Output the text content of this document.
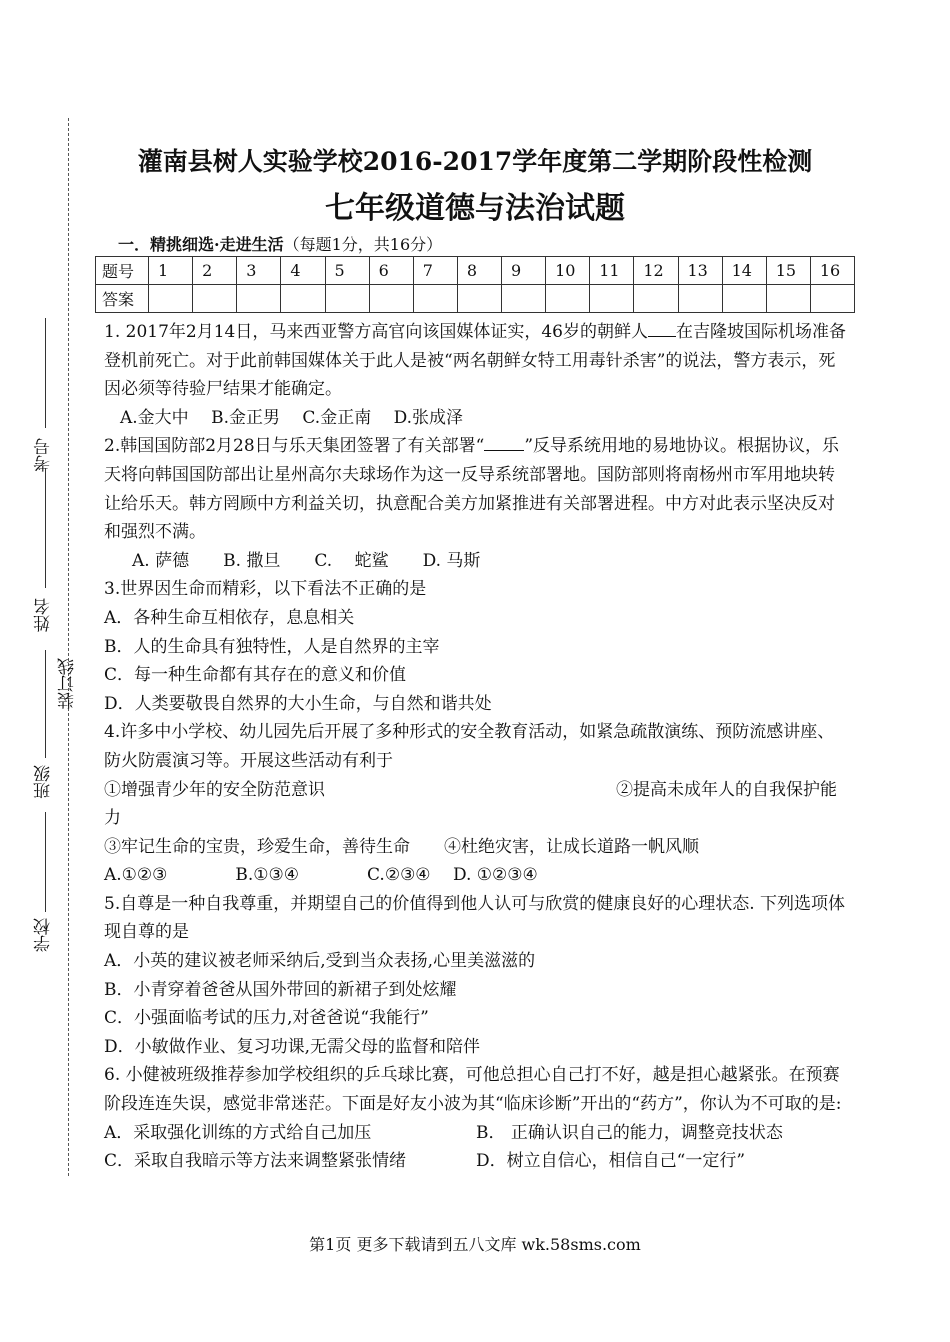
考号
姓名
装订线
班级
学校
灌南县树人实验学校2016-2017学年度第二学期阶段性检测
七年级道德与法治试题
一．精挑细选·走进生活（每题1分，共16分）
题号	1	2	3	4	5	6	7	8	9	10	11	12	13	14	15	16
答案																

1. 2017年2月14日，马来西亚警方高官向该国媒体证实，46岁的朝鲜人 在吉隆坡国际机场准备登机前死亡。对于此前韩国媒体关于此人是被“两名朝鲜女特工用毒针杀害”的说法，警方表示，死因必须等待验尸结果才能确定。

A.金大中　 B.金正男　 C.金正南　 D.张成泽

2.韩国国防部2月28日与乐天集团签署了有关部署“ ”反导系统用地的易地协议。根据协议，乐天将向韩国国防部出让星州高尔夫球场作为这一反导系统部署地。国防部则将南杨州市军用地块转让给乐天。韩方罔顾中方利益关切，执意配合美方加紧推进有关部署进程。中方对此表示坚决反对和强烈不满。

A. 萨德　　B. 撒旦　　C.　 蛇鲨　　D. 马斯

3.世界因生命而精彩，以下看法不正确的是

A．各种生命互相依存，息息相关

B．人的生命具有独特性，人是自然界的主宰

C．每一种生命都有其存在的意义和价值

D．人类要敬畏自然界的大小生命，与自然和谐共处

4.许多中小学校、幼儿园先后开展了多种形式的安全教育活动，如紧急疏散演练、预防流感讲座、防火防震演习等。开展这些活动有利于

①增强青少年的安全防范意识	②提高未成年人的自我保护能力

③牢记生命的宝贵，珍爱生命，善待生命　　④杜绝灾害，让成长道路一帆风顺

A.①②③　　　　B.①③④　　　　C.②③④　 D. ①②③④

5.自尊是一种自我尊重，并期望自己的价值得到他人认可与欣赏的健康良好的心理状态. 下列选项体现自尊的是

A．小英的建议被老师采纳后,受到当众表扬,心里美滋滋的

B．小青穿着爸爸从国外带回的新裙子到处炫耀

C．小强面临考试的压力,对爸爸说“我能行”

D．小敏做作业、复习功课,无需父母的监督和陪伴

6. 小健被班级推荐参加学校组织的乒乓球比赛，可他总担心自己打不好，越是担心越紧张。在预赛阶段连连失误，感觉非常迷茫。下面是好友小波为其“临床诊断”开出的“药方”，你认为不可取的是:

A．采取强化训练的方式给自己加压	B． 正确认识自己的能力，调整竞技状态
C．采取自我暗示等方法来调整紧张情绪	D．树立自信心，相信自己“一定行”
第1页 更多下载请到五八文库 wk.58sms.com
